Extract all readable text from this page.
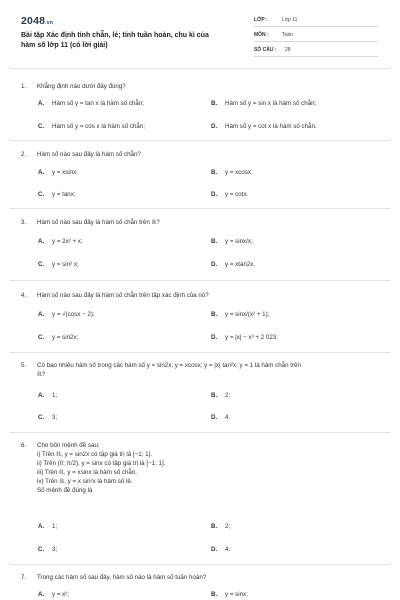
2048.vn
Bài tập Xác định tính chẵn, lẻ; tính tuần hoàn, chu kì của
hàm số lớp 11 (có lời giải)
LỚP :	Lớp 11
MÔN :	Toán
SỐ CÂU :	28
1. Khẳng định nào dưới đây đúng?
A. Hàm số y = tan x là hàm số chẵn;	B. Hàm số y = sin x là hàm số chẵn;
C. Hàm số y = cos x là hàm số chẵn;	D. Hàm số y = cot x là hàm số chẵn.
2. Hàm số nào sau đây là hàm số chẵn?
A. y = xsinx;	B. y = xcosx;
C. y = tanx;	D. y = cotx.
3. Hàm số nào sau đây là hàm số chẵn trên ℝ?
A. y = 2x² + x;	B. y = sinx/x;
C. y = sin² x;	D. y = xtan2x.
4. Hàm số nào sau đây là hàm số chẵn trên tập xác định của nó?
A. y = √(cosx − 2);	B. y = sinx/(x² + 1);
C. y = sin2x;	D. y = |x| − x³ + 2 023.
5. Có bao nhiêu hàm số trong các hàm số y = sin2x; y = xcosx; y = |x| tan²x; y = 1 là hàm chẵn trên
ℝ?
A. 1;	B. 2;
C. 3;	D. 4.
6. Cho bốn mệnh đề sau:
i) Trên ℝ, y = sin2x có tập giá trị là [−1; 1].
ii) Trên (0; π/2), y = sinx có tập giá trị là [−1; 1].
iii) Trên ℝ, y = xsinx là hàm số chẵn.
iv) Trên ℝ, y = x sin²x là hàm số lẻ.
Số mệnh đề đúng là
A. 1;	B. 2;
C. 3;	D. 4.
7. Trong các hàm số sau đây, hàm số nào là hàm số tuần hoàn?
A. y = x²;	B. y = sinx;
